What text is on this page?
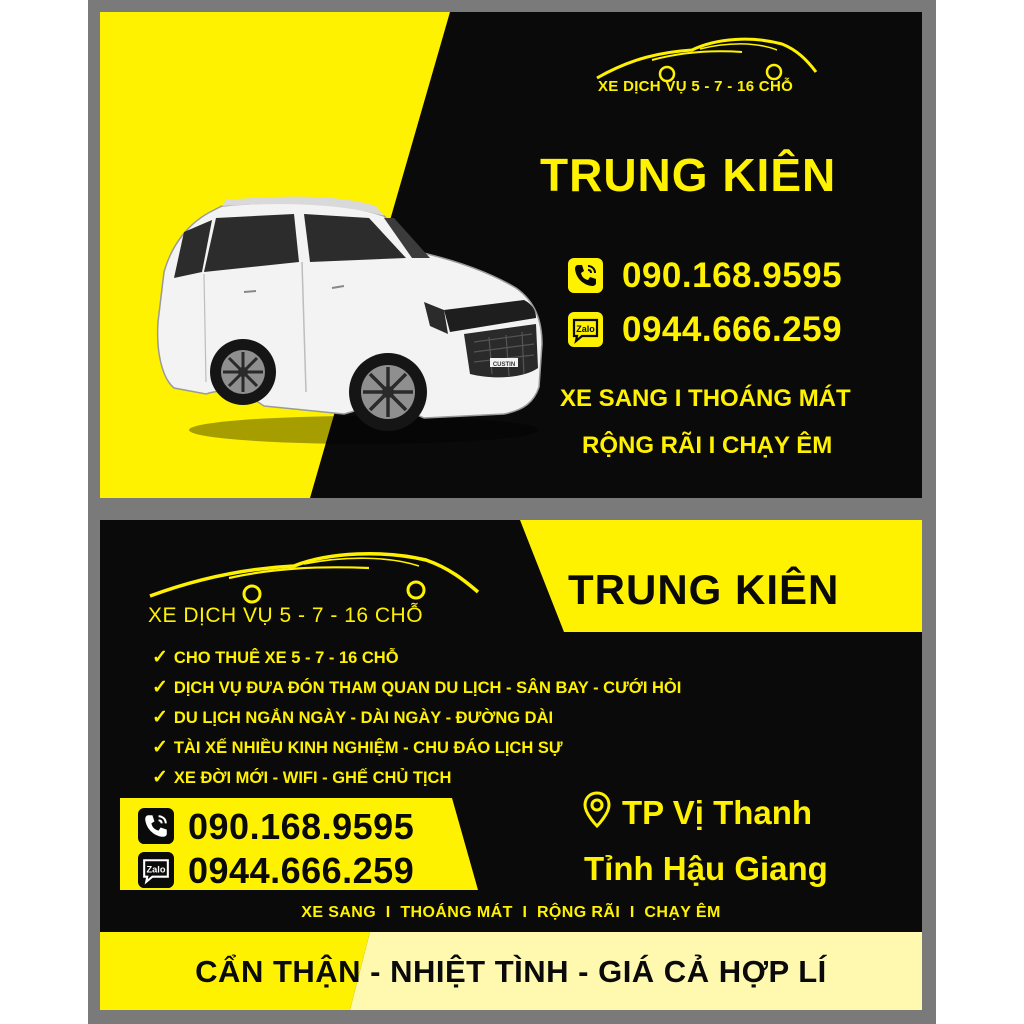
XE DỊCH VỤ 5 - 7 - 16 CHỖ
TRUNG KIÊN
090.168.9595
Zalo 0944.666.259
XE SANG I THOÁNG MÁT
RỘNG RÃI I CHẠY ÊM
CUSTIN
XE DỊCH VỤ 5 - 7 - 16 CHỖ
TRUNG KIÊN
✓ CHO THUÊ XE 5 - 7 - 16 CHỖ
✓ DỊCH VỤ ĐƯA ĐÓN THAM QUAN DU LỊCH - SÂN BAY - CƯỚI HỎI
✓ DU LỊCH NGẮN NGÀY - DÀI NGÀY - ĐƯỜNG DÀI
✓ TÀI XẾ NHIỀU KINH NGHIỆM - CHU ĐÁO LỊCH SỰ
✓ XE ĐỜI MỚI - WIFI - GHẾ CHỦ TỊCH
090.168.9595
Zalo 0944.666.259
TP Vị Thanh
Tỉnh Hậu Giang
XE SANG  I  THOÁNG MÁT  I  RỘNG RÃI  I  CHẠY ÊM
CẨN THẬN - NHIỆT TÌNH - GIÁ CẢ HỢP LÍ
